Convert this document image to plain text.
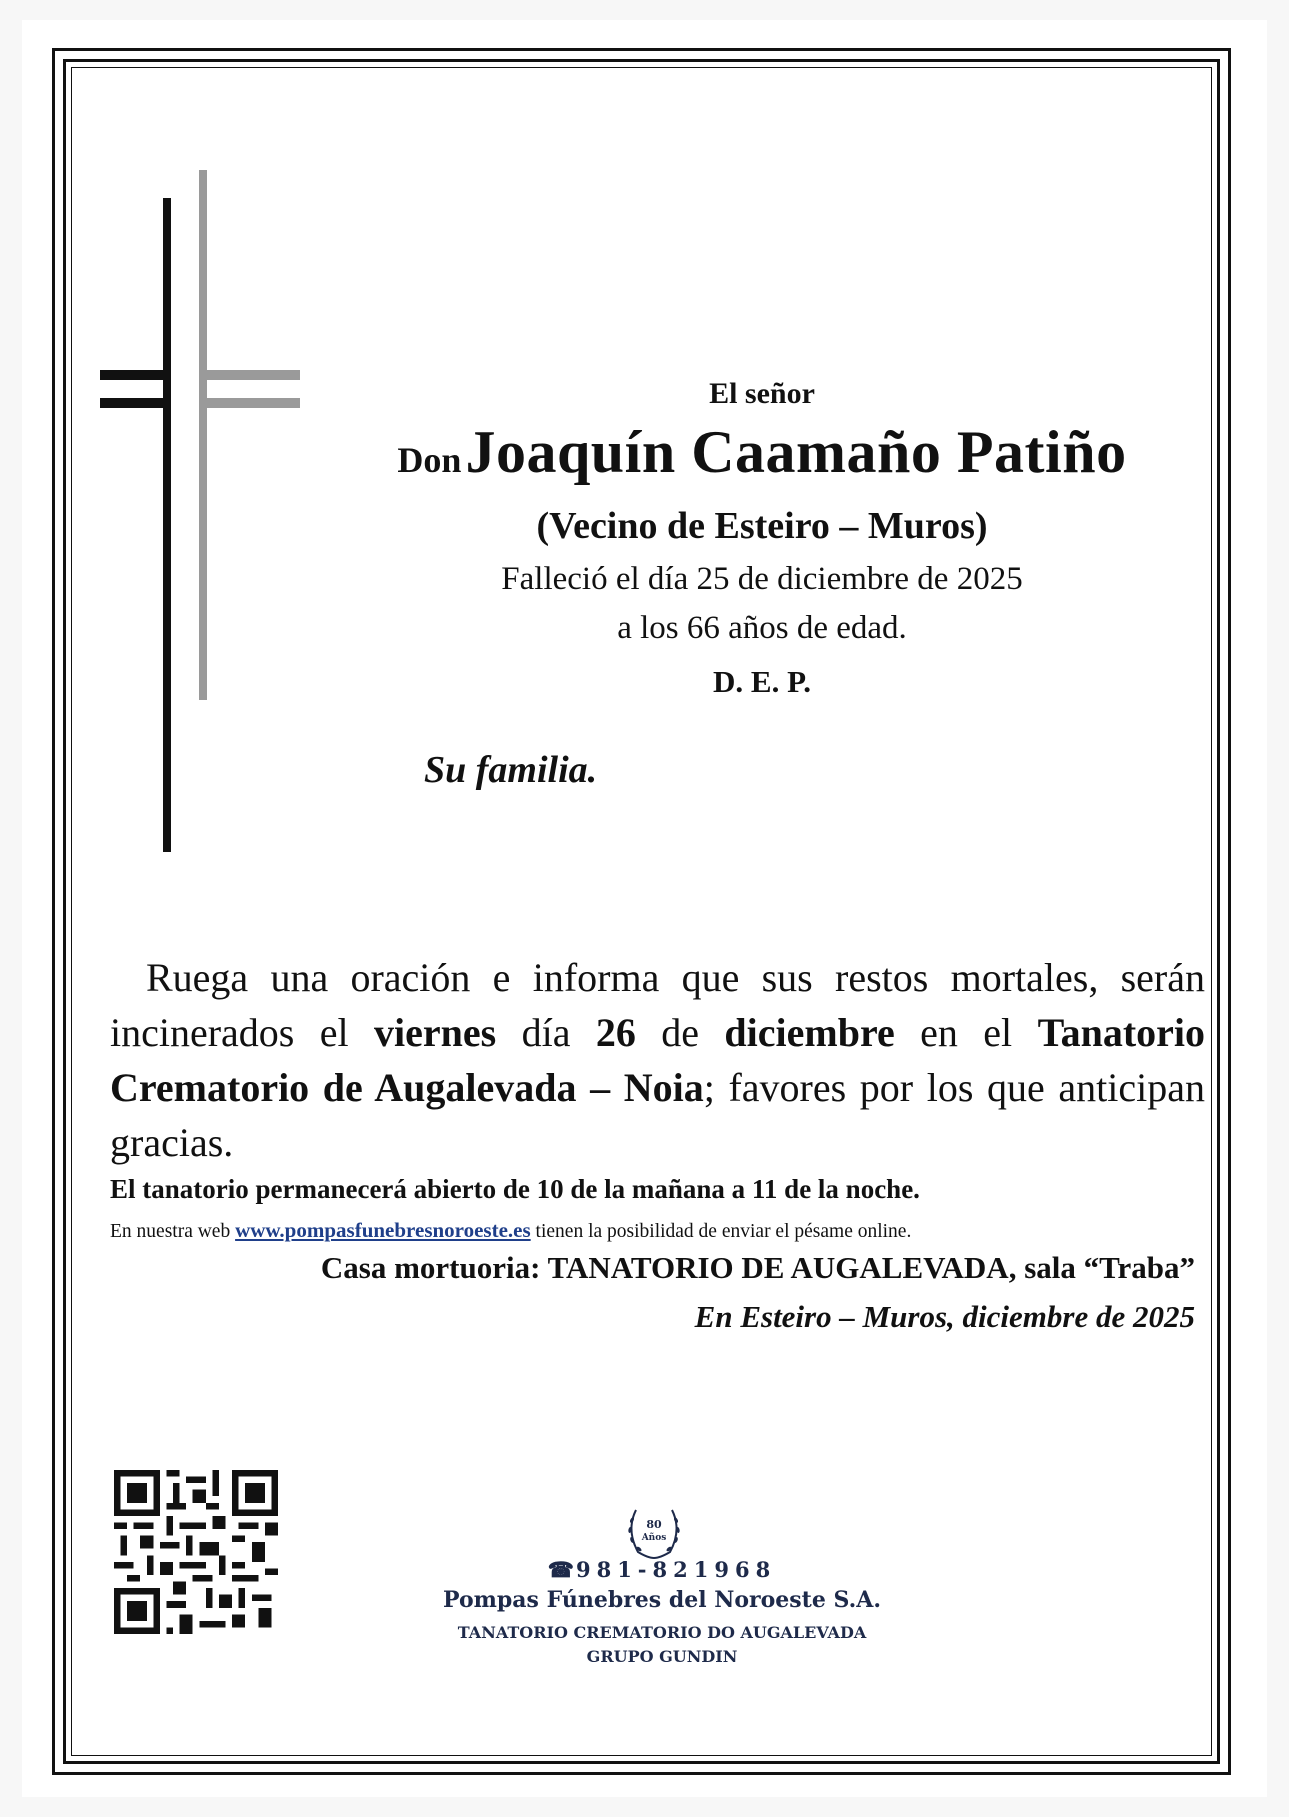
El señor
Don Joaquín Caamaño Patiño
(Vecino de Esteiro – Muros)
Falleció el día 25 de diciembre de 2025
a los 66 años de edad.
D. E. P.
Su familia.
Ruega una oración e informa que sus restos mortales, serán incinerados el viernes día 26 de diciembre en el Tanatorio Crematorio de Augalevada – Noia; favores por los que anticipan gracias.
El tanatorio permanecerá abierto de 10 de la mañana a 11 de la noche.
En nuestra web www.pompasfunebresnoroeste.es tienen la posibilidad de enviar el pésame online.
Casa mortuoria: TANATORIO DE AUGALEVADA, sala “Traba”
En Esteiro – Muros, diciembre de 2025
80
Años
☎981-821968
Pompas Fúnebres del Noroeste S.A.
TANATORIO CREMATORIO DO AUGALEVADA
GRUPO GUNDIN
